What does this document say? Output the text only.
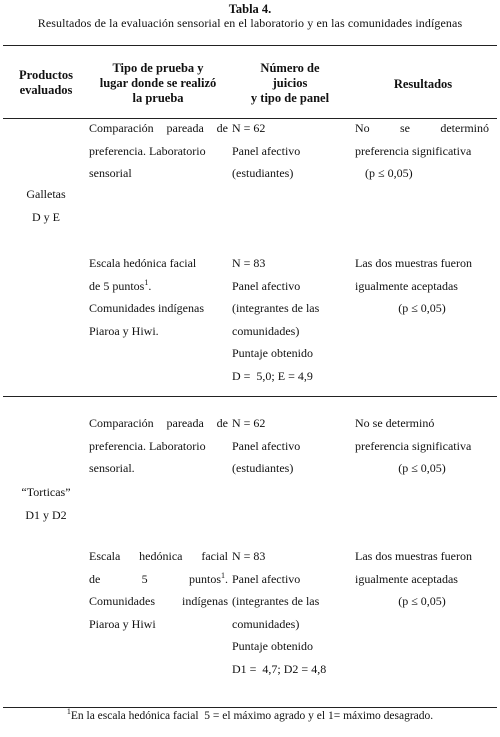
Tabla 4.
Resultados de la evaluación sensorial en el laboratorio y en las comunidades indígenas
Productos
evaluados
Tipo de prueba y
lugar donde se realizó
la prueba
Número de
juicios
y tipo de panel
Resultados
Galletas
D y E
Comparación pareada de
preferencia. Laboratorio
sensorial
N = 62
Panel afectivo
(estudiantes)
No   se   determinó
preferencia significativa
(p ≤ 0,05)
Escala hedónica facial
de 5 puntos$^1$.
Comunidades indígenas
Piaroa y Hiwi.
N = 83
Panel afectivo
(integrantes de las
comunidades)
Puntaje obtenido
D =  5,0; E = 4,9
Las dos muestras fueron
igualmente aceptadas
(p ≤ 0,05)
“Torticas”
D1 y D2
Comparación pareada de
preferencia. Laboratorio
sensorial.
N = 62
Panel afectivo
(estudiantes)
No se determinó
preferencia significativa
(p ≤ 0,05)
Escala   hedónica   facial
de   5   puntos$^1$.
Comunidades indígenas
Piaroa y Hiwi
N = 83
Panel afectivo
(integrantes de las
comunidades)
Puntaje obtenido
D1 =  4,7; D2 = 4,8
Las dos muestras fueron
igualmente aceptadas
(p ≤ 0,05)
$^1$En la escala hedónica facial  5 = el máximo agrado y el 1= máximo desagrado.
